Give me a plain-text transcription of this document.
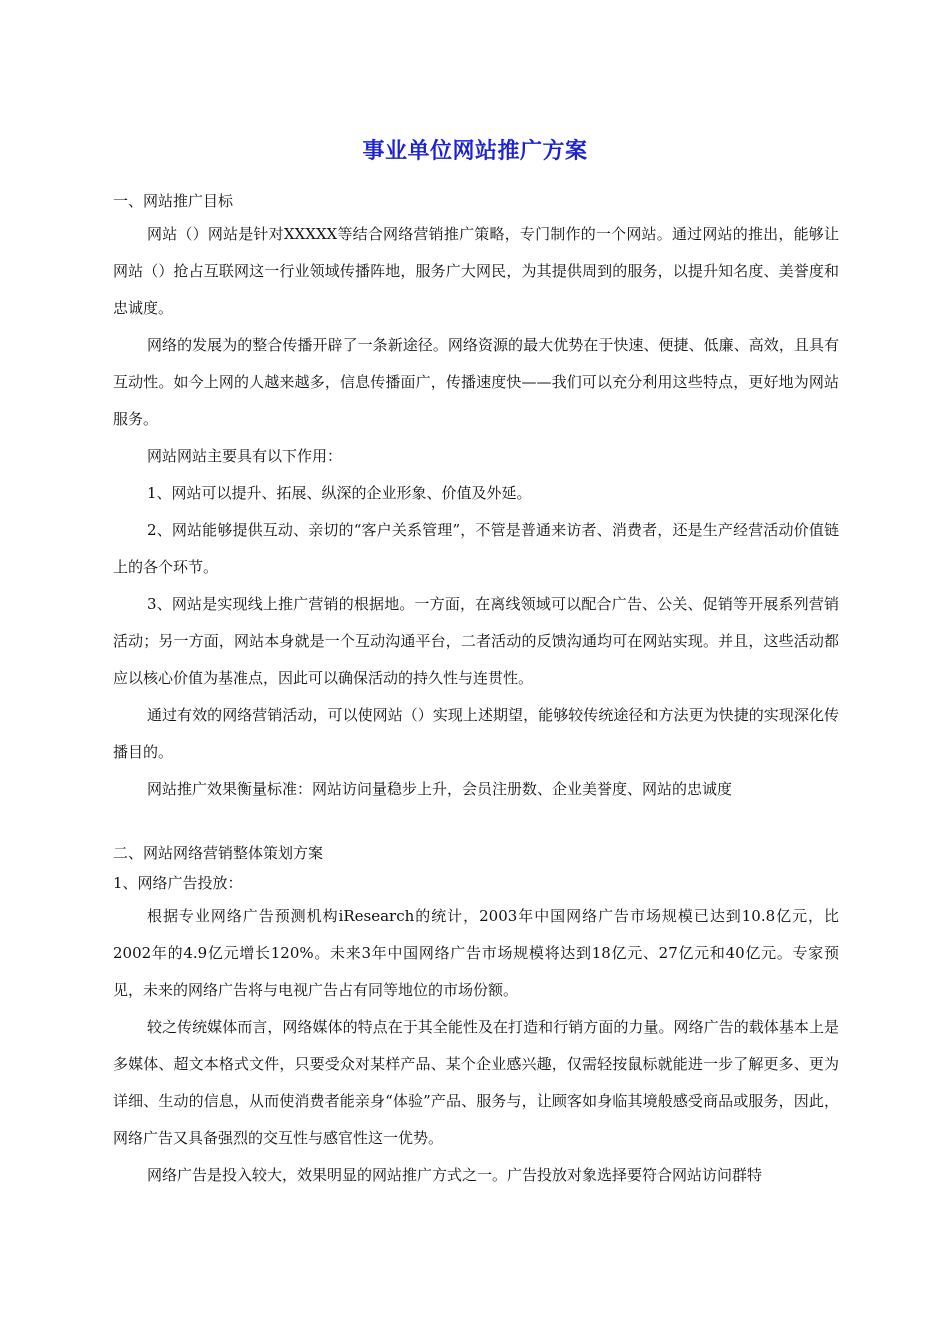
事业单位网站推广方案

一、网站推广目标

网站（）网站是针对XXXXX等结合网络营销推广策略，专门制作的一个网站。通过网站的推出，能够让网站（）抢占互联网这一行业领域传播阵地，服务广大网民，为其提供周到的服务，以提升知名度、美誉度和忠诚度。

网络的发展为的整合传播开辟了一条新途径。网络资源的最大优势在于快速、便捷、低廉、高效，且具有互动性。如今上网的人越来越多，信息传播面广，传播速度快——我们可以充分利用这些特点，更好地为网站服务。

网站网站主要具有以下作用：

1、网站可以提升、拓展、纵深的企业形象、价值及外延。

2、网站能够提供互动、亲切的“客户关系管理”，不管是普通来访者、消费者，还是生产经营活动价值链上的各个环节。

3、网站是实现线上推广营销的根据地。一方面，在离线领域可以配合广告、公关、促销等开展系列营销活动；另一方面，网站本身就是一个互动沟通平台，二者活动的反馈沟通均可在网站实现。并且，这些活动都应以核心价值为基准点，因此可以确保活动的持久性与连贯性。

通过有效的网络营销活动，可以使网站（）实现上述期望，能够较传统途径和方法更为快捷的实现深化传播目的。

网站推广效果衡量标准：网站访问量稳步上升，会员注册数、企业美誉度、网站的忠诚度

二、网站网络营销整体策划方案

1、网络广告投放：

根据专业网络广告预测机构iResearch的统计，2003年中国网络广告市场规模已达到10.8亿元，比2002年的4.9亿元增长120%。未来3年中国网络广告市场规模将达到18亿元、27亿元和40亿元。专家预见，未来的网络广告将与电视广告占有同等地位的市场份额。

较之传统媒体而言，网络媒体的特点在于其全能性及在打造和行销方面的力量。网络广告的载体基本上是多媒体、超文本格式文件，只要受众对某样产品、某个企业感兴趣，仅需轻按鼠标就能进一步了解更多、更为详细、生动的信息，从而使消费者能亲身“体验”产品、服务与，让顾客如身临其境般感受商品或服务，因此，网络广告又具备强烈的交互性与感官性这一优势。

网络广告是投入较大，效果明显的网站推广方式之一。广告投放对象选择要符合网站访问群特
